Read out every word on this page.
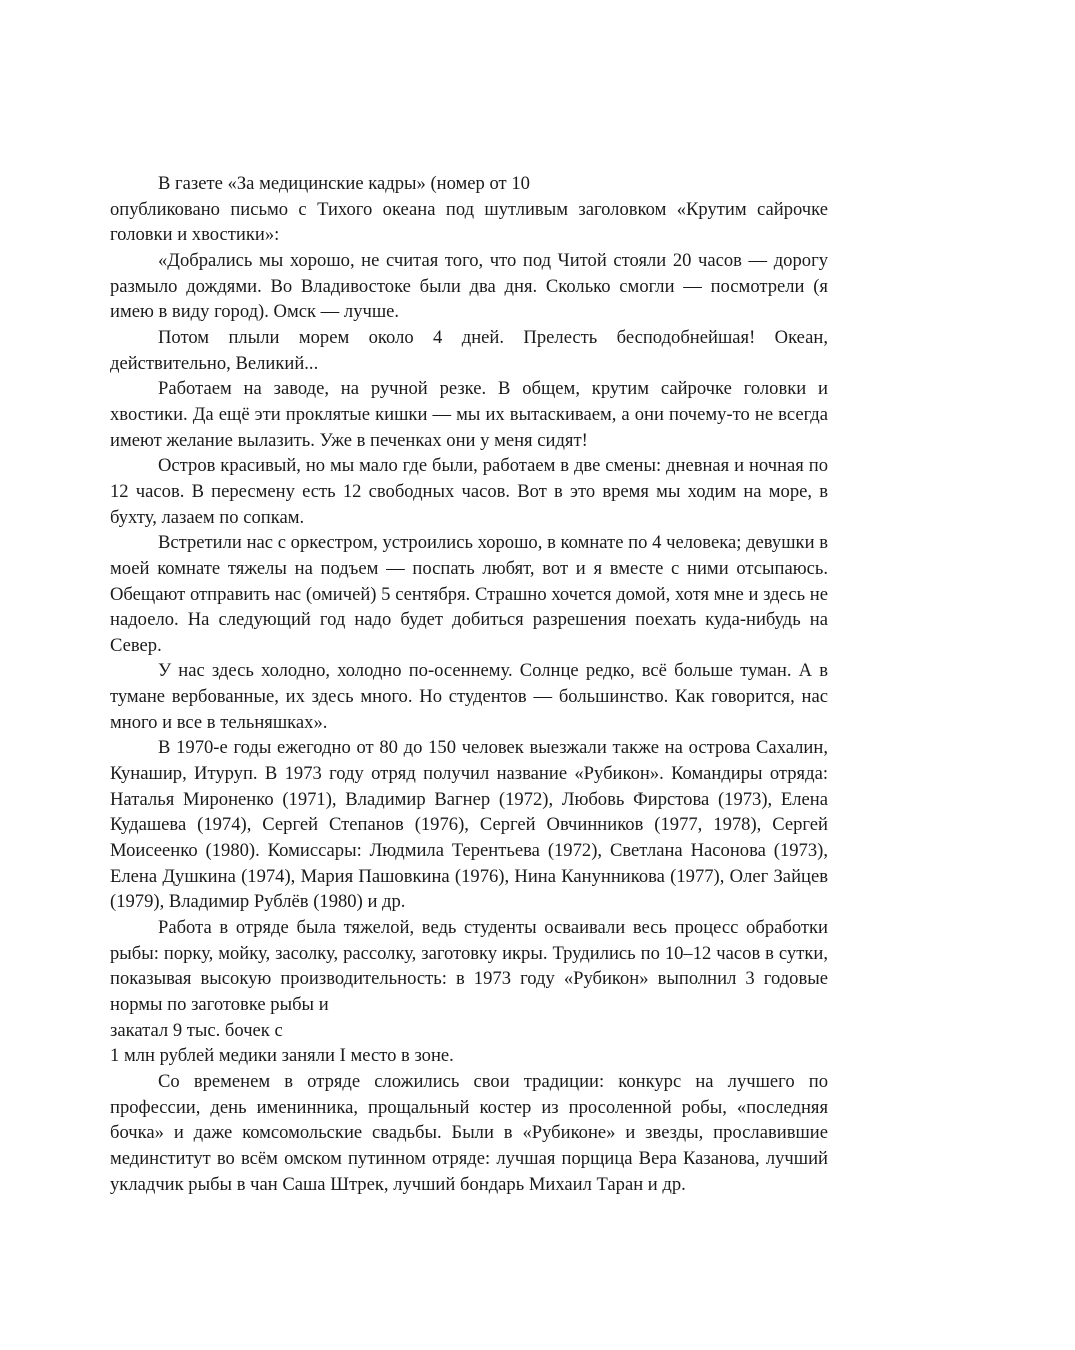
В газете «За медицинские кадры» (номер от 10

опубликовано письмо с Тихого океана под шутливым заголовком «Крутим сайрочке головки и хвостики»:

«Добрались мы хорошо, не считая того, что под Читой стояли 20 часов — дорогу размыло дождями. Во Владивостоке были два дня. Сколько смогли — посмотрели (я имею в виду город). Омск — лучше.

Потом плыли морем около 4 дней. Прелесть бесподобнейшая! Океан, действительно, Великий...

Работаем на заводе, на ручной резке. В общем, крутим сайрочке головки и хвостики. Да ещё эти проклятые кишки — мы их вытаскиваем, а они почему-то не всегда имеют желание вылазить. Уже в печенках они у меня сидят!

Остров красивый, но мы мало где были, работаем в две смены: дневная и ночная по 12 часов. В пересмену есть 12 свободных часов. Вот в это время мы ходим на море, в бухту, лазаем по сопкам.

Встретили нас с оркестром, устроились хорошо, в комнате по 4 человека; девушки в моей комнате тяжелы на подъем — поспать любят, вот и я вместе с ними отсыпаюсь. Обещают отправить нас (омичей) 5 сентября. Страшно хочется домой, хотя мне и здесь не надоело. На следующий год надо будет добиться разрешения поехать куда-нибудь на Север.

У нас здесь холодно, холодно по-осеннему. Солнце редко, всё больше туман. А в тумане вербованные, их здесь много. Но студентов — большинство. Как говорится, нас много и все в тельняшках».

В 1970-е годы ежегодно от 80 до 150 человек выезжали также на острова Сахалин, Кунашир, Итуруп. В 1973 году отряд получил название «Рубикон». Командиры отряда: Наталья Мироненко (1971), Владимир Вагнер (1972), Любовь Фирстова (1973), Елена Кудашева (1974), Сергей Степанов (1976), Сергей Овчинников (1977, 1978), Сергей Моисеенко (1980). Комиссары: Людмила Терентьева (1972), Светлана Насонова (1973), Елена Душкина (1974), Мария Пашовкина (1976), Нина Канунникова (1977), Олег Зайцев (1979), Владимир Рублёв (1980) и др.

Работа в отряде была тяжелой, ведь студенты осваивали весь процесс обработки рыбы: порку, мойку, засолку, рассолку, заготовку икры. Трудились по 10–12 часов в сутки, показывая высокую производительность: в 1973 году «Рубикон» выполнил 3 годовые нормы по заготовке рыбы и

закатал 9 тыс. бочек с

1 млн рублей медики заняли I место в зоне.

Со временем в отряде сложились свои традиции: конкурс на лучшего по профессии, день именинника, прощальный костер из просоленной робы, «последняя бочка» и даже комсомольские свадьбы. Были в «Рубиконе» и звезды, прославившие мединститут во всём омском путинном отряде: лучшая порщица Вера Казанова, лучший укладчик рыбы в чан Саша Штрек, лучший бондарь Михаил Таран и др.
